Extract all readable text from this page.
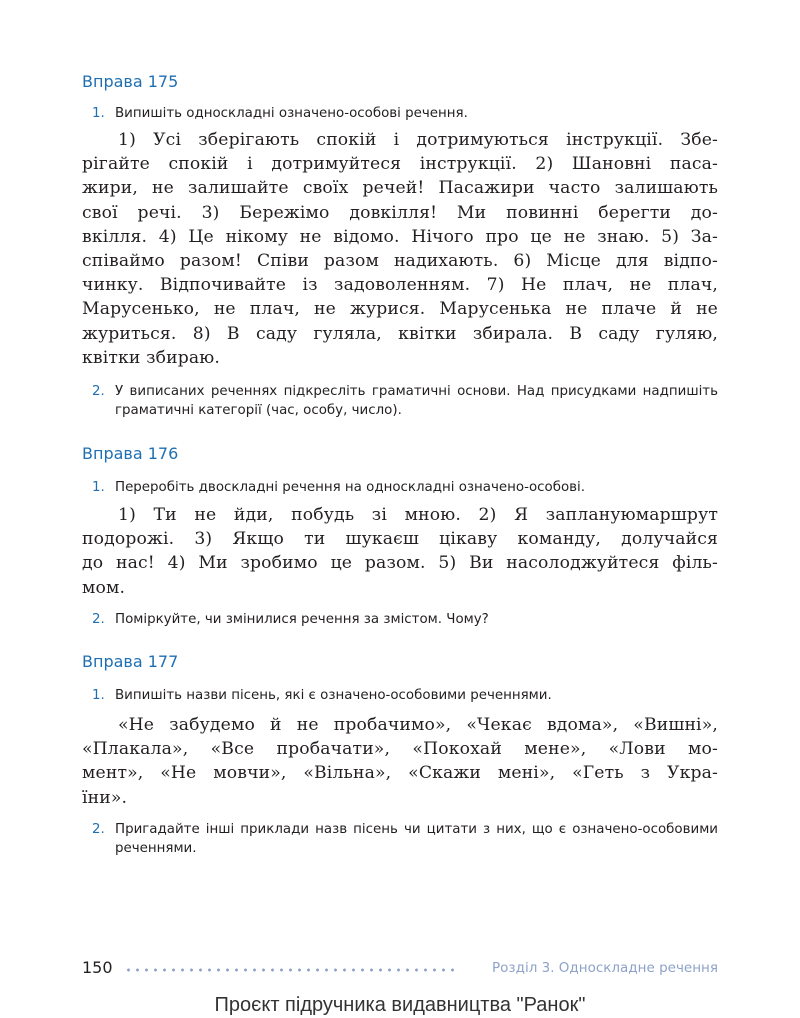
Вправа 175
1. Випишіть односкладні означено-особові речення.
1) Усі зберігають спокій і дотримуються інструкції. Збе-
рігайте спокій і дотримуйтеся інструкції. 2) Шановні паса-
жири, не залишайте своїх речей! Пасажири часто залишають
свої речі. 3) Бережімо довкілля! Ми повинні берегти до-
вкілля. 4) Це нікому не відомо. Нічого про це не знаю. 5) За-
співаймо разом! Співи разом надихають. 6) Місце для відпо-
чинку. Відпочивайте із задоволенням. 7) Не плач, не плач,
Марусенько, не плач, не журися. Марусенька не плаче й не
журиться. 8) В саду гуляла, квітки збирала. В саду гуляю,
квітки збираю.
2. У виписаних реченнях підкресліть граматичні основи. Над присудками надпишіть граматичні категорії (час, особу, число).
Вправа 176
1. Переробіть двоскладні речення на односкладні означено-особові.
1) Ти не йди, побудь зі мною. 2) Я заплануюмаршрут
подорожі. 3) Якщо ти шукаєш цікаву команду, долучайся
до нас! 4) Ми зробимо це разом. 5) Ви насолоджуйтеся філь-
мом.
2. Поміркуйте, чи змінилися речення за змістом. Чому?
Вправа 177
1. Випишіть назви пісень, які є означено-особовими реченнями.
«Не забудемо й не пробачимо», «Чекає вдома», «Вишні»,
«Плакала», «Все пробачати», «Покохай мене», «Лови мо-
мент», «Не мовчи», «Вільна», «Скажи мені», «Геть з Укра-
їни».
2. Пригадайте інші приклади назв пісень чи цитати з них, що є означено-особовими реченнями.
150	Розділ 3. Односкладне речення
Проєкт підручника видавництва "Ранок"
